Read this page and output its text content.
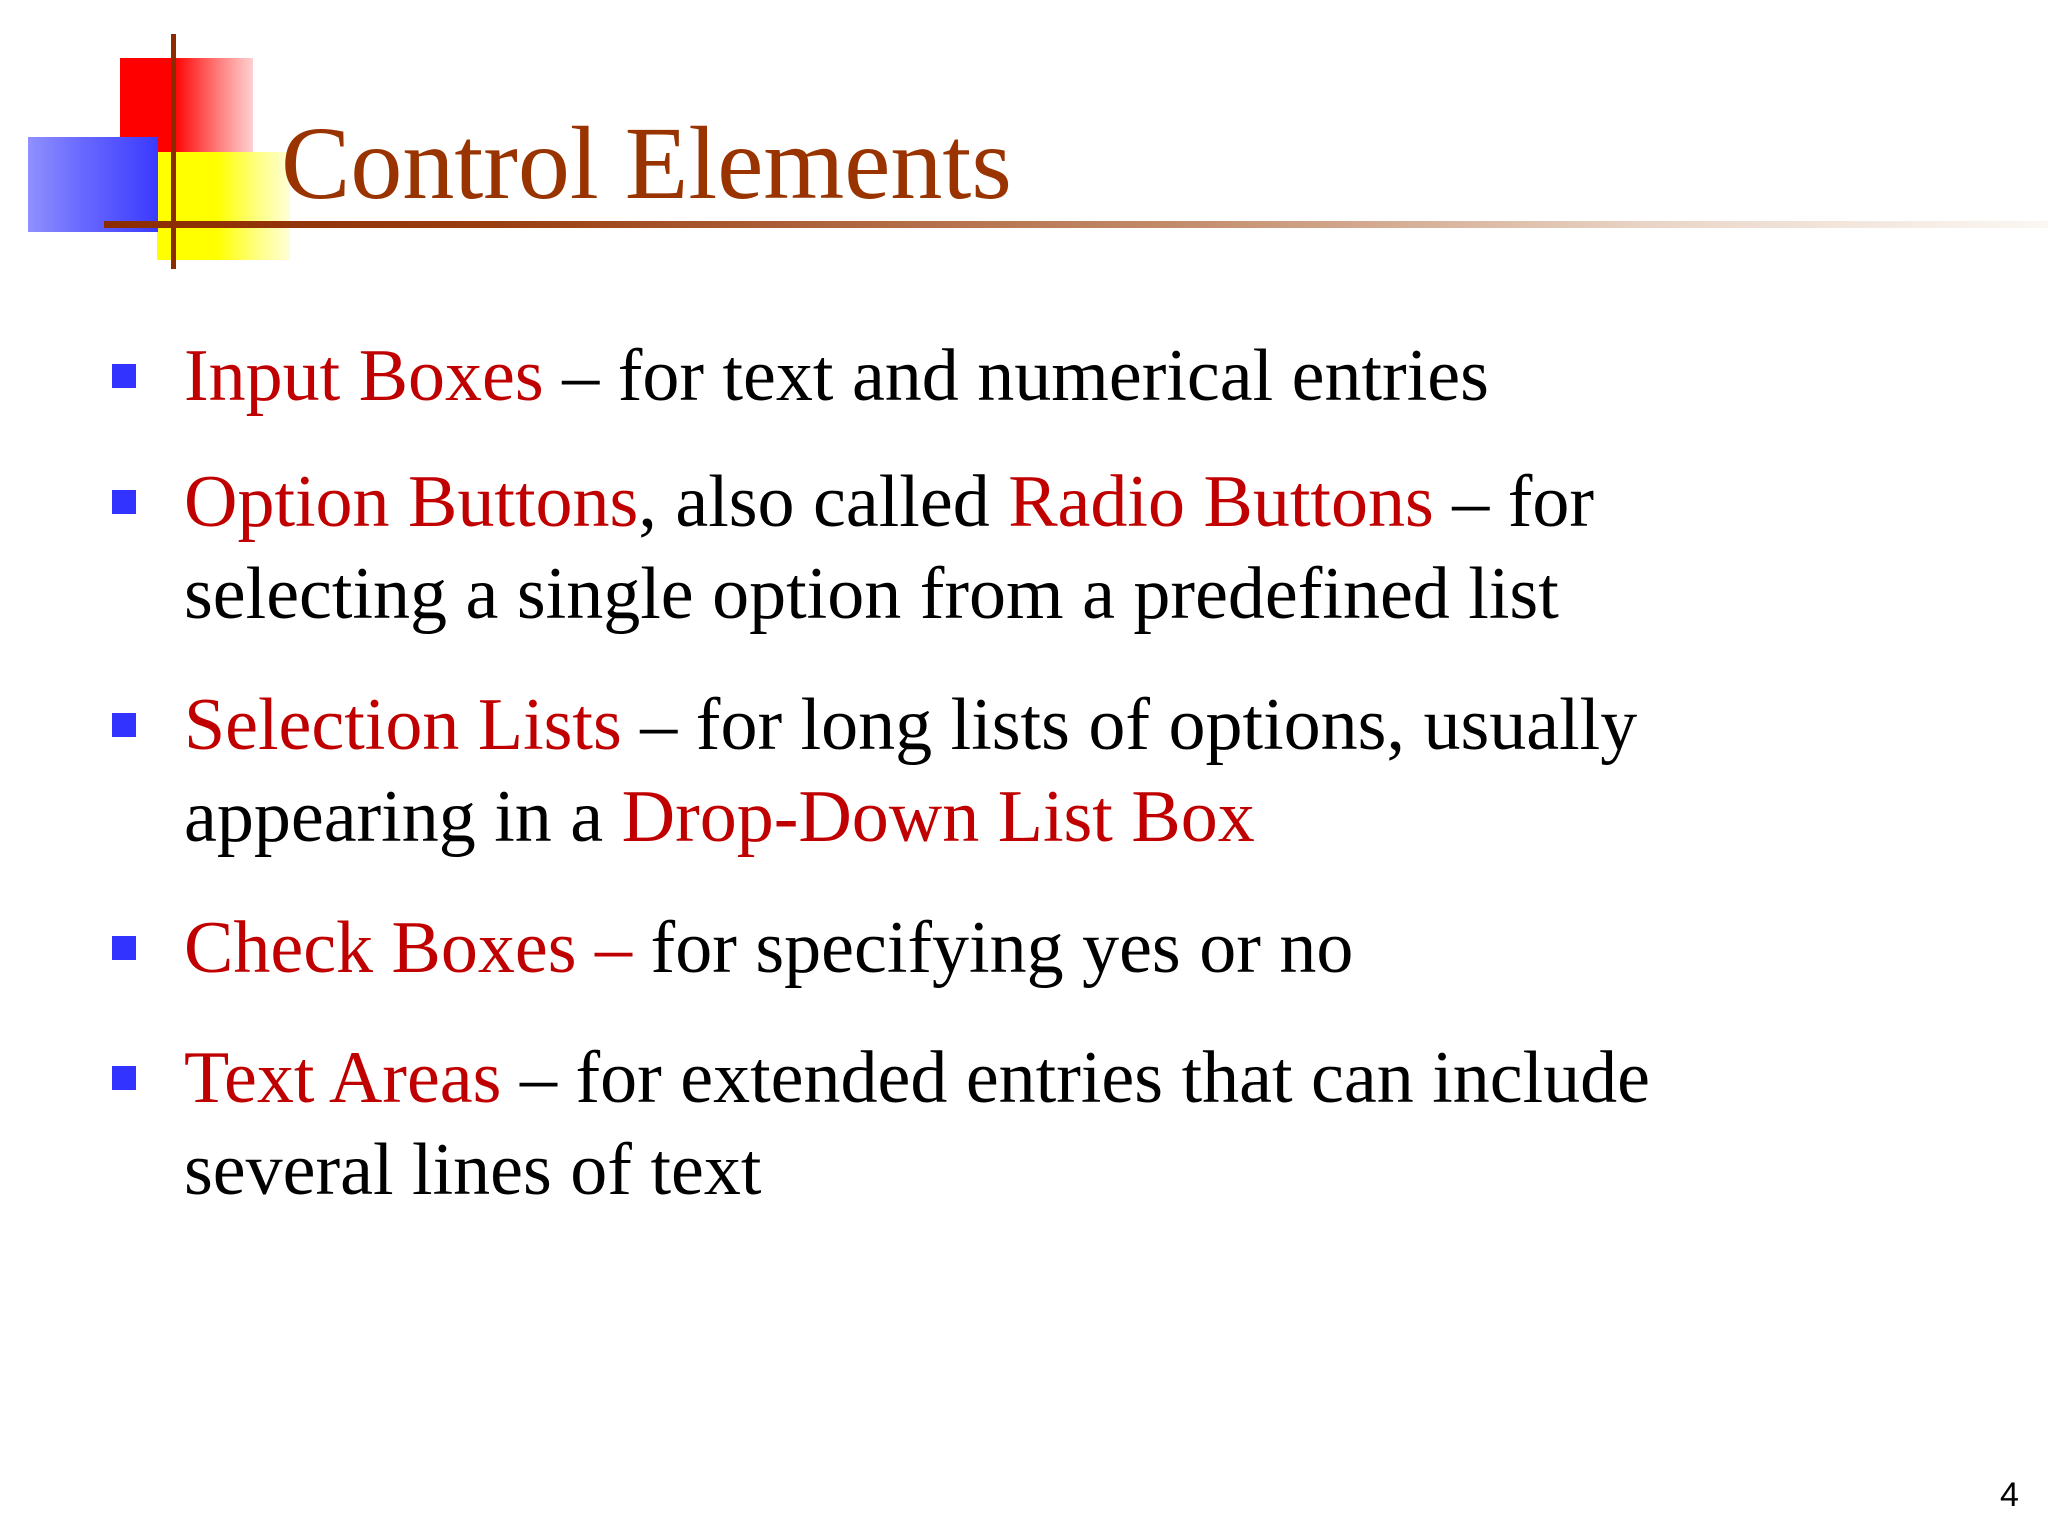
Control Elements
Input Boxes – for text and numerical entries
Option Buttons, also called Radio Buttons – for selecting a single option from a predefined list
Selection Lists – for long lists of options, usually appearing in a Drop-Down List Box
Check Boxes – for specifying yes or no
Text Areas – for extended entries that can include several lines of text
4
